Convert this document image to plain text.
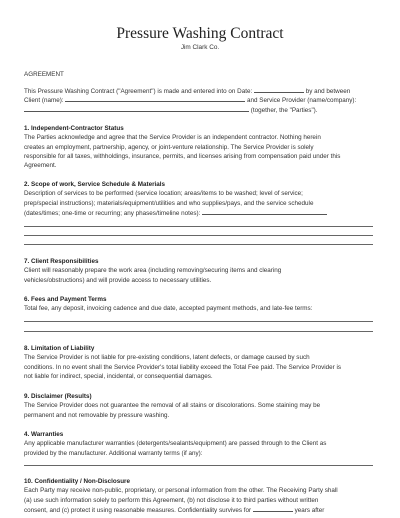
Pressure Washing Contract
Jim Clark Co.
AGREEMENT
This Pressure Washing Contract ("Agreement") is made and entered into on Date:	by and between
Client (name):	and Service Provider (name/company):
(together, the "Parties").
1. Independent-Contractor Status
The Parties acknowledge and agree that the Service Provider is an independent contractor. Nothing herein
creates an employment, partnership, agency, or joint-venture relationship. The Service Provider is solely
responsible for all taxes, withholdings, insurance, permits, and licenses arising from compensation paid under this
Agreement.
2. Scope of work, Service Schedule & Materials
Description of services to be performed (service location; areas/items to be washed; level of service;
prep/special instructions); materials/equipment/utilities and who supplies/pays, and the service schedule
(dates/times; one-time or recurring; any phases/timeline notes):
7. Client Responsibilities
Client will reasonably prepare the work area (including removing/securing items and clearing
vehicles/obstructions) and will provide access to necessary utilities.
6. Fees and Payment Terms
Total fee, any deposit, invoicing cadence and due date, accepted payment methods, and late-fee terms:
8. Limitation of Liability
The Service Provider is not liable for pre-existing conditions, latent defects, or damage caused by such
conditions. In no event shall the Service Provider's total liability exceed the Total Fee paid. The Service Provider is
not liable for indirect, special, incidental, or consequential damages.
9. Disclaimer (Results)
The Service Provider does not guarantee the removal of all stains or discolorations. Some staining may be
permanent and not removable by pressure washing.
4. Warranties
Any applicable manufacturer warranties (detergents/sealants/equipment) are passed through to the Client as
provided by the manufacturer. Additional warranty terms (if any):
10. Confidentiality / Non-Disclosure
Each Party may receive non-public, proprietary, or personal information from the other. The Receiving Party shall
(a) use such information solely to perform this Agreement, (b) not disclose it to third parties without written
consent, and (c) protect it using reasonable measures. Confidentiality survives for	years after
